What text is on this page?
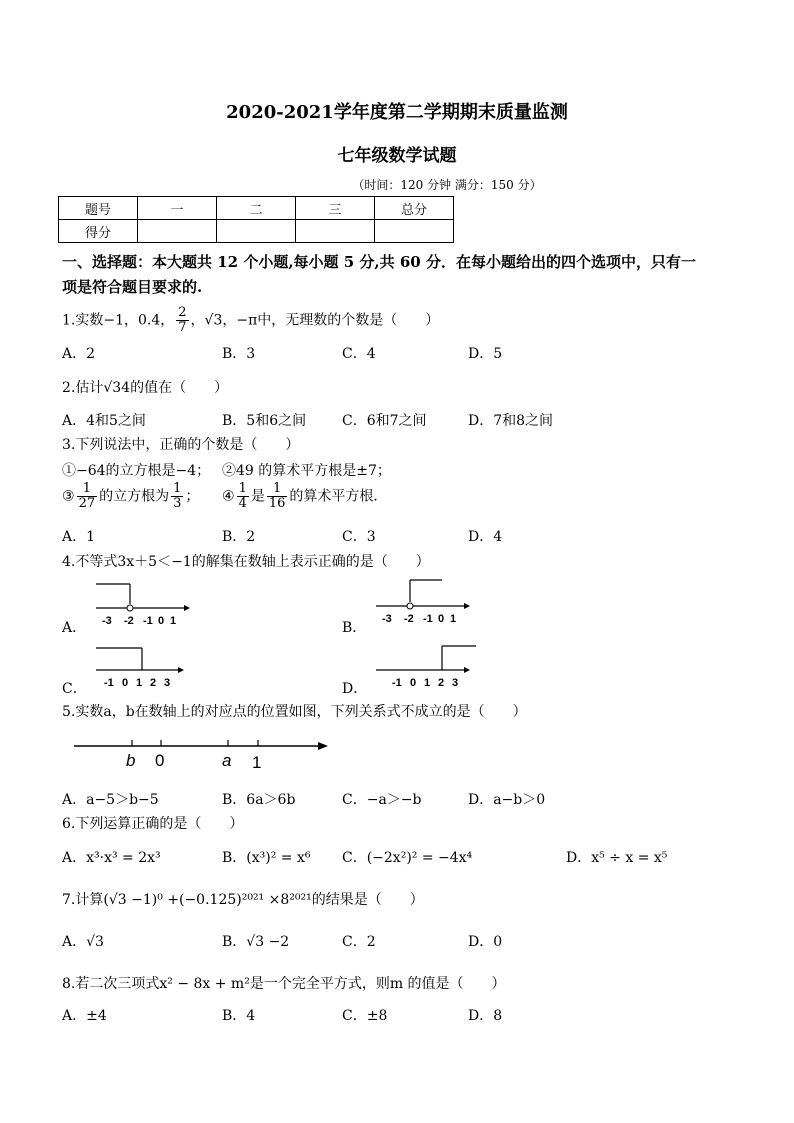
2020-2021学年度第二学期期末质量监测
七年级数学试题
（时间：120 分钟 满分：150 分）
题号	一	二	三	总分
得分				
一、选择题：本大题共 12 个小题,每小题 5 分,共 60 分．在每小题给出的四个选项中，只有一
项是符合题目要求的.
1.实数−1，0.4， $\frac{2}{7}$ ，√3，−π中，无理数的个数是（　　）
A．2	B．3	C．4	D．5
2.估计√34的值在（　　）
A．4和5之间	B．5和6之间	C．6和7之间	D．7和8之间
3.下列说法中，正确的个数是（　　）
①−64的立方根是−4； ②49 的算术平方根是±7；
③ $\frac{1}{27}$ 的立方根为 $\frac{1}{3}$ ； ④ $\frac{1}{4}$ 是 $\frac{1}{16}$ 的算术平方根．
A．1	B．2	C．3	D．4
4.不等式3x＋5＜−1的解集在数轴上表示正确的是（　　）
A． -3 -2 -1 0 1	B．
-3 -2 -1 0 1
C． -1 0 1 2 3	D． -1 0 1 2 3
5.实数a，b在数轴上的对应点的位置如图，下列关系式不成立的是（　　）
b 0	a 1
A．a−5＞b−5	B．6a＞6b	C．−a＞−b	D．a−b＞0
6.下列运算正确的是（　　）
A．x³·x³ = 2x³	B．(x³)² = x⁶ C．(−2x²)² = −4x⁴	D．x⁵ ÷ x = x⁵
7.计算(√3 −1)⁰ +(−0.125)²⁰²¹ ×8²⁰²¹的结果是（　　）
A．√3	B．√3 −2	C．2	D．0
8.若二次三项式x² − 8x + m²是一个完全平方式，则m 的值是（　　）
A．±4	B．4	C．±8	D．8
